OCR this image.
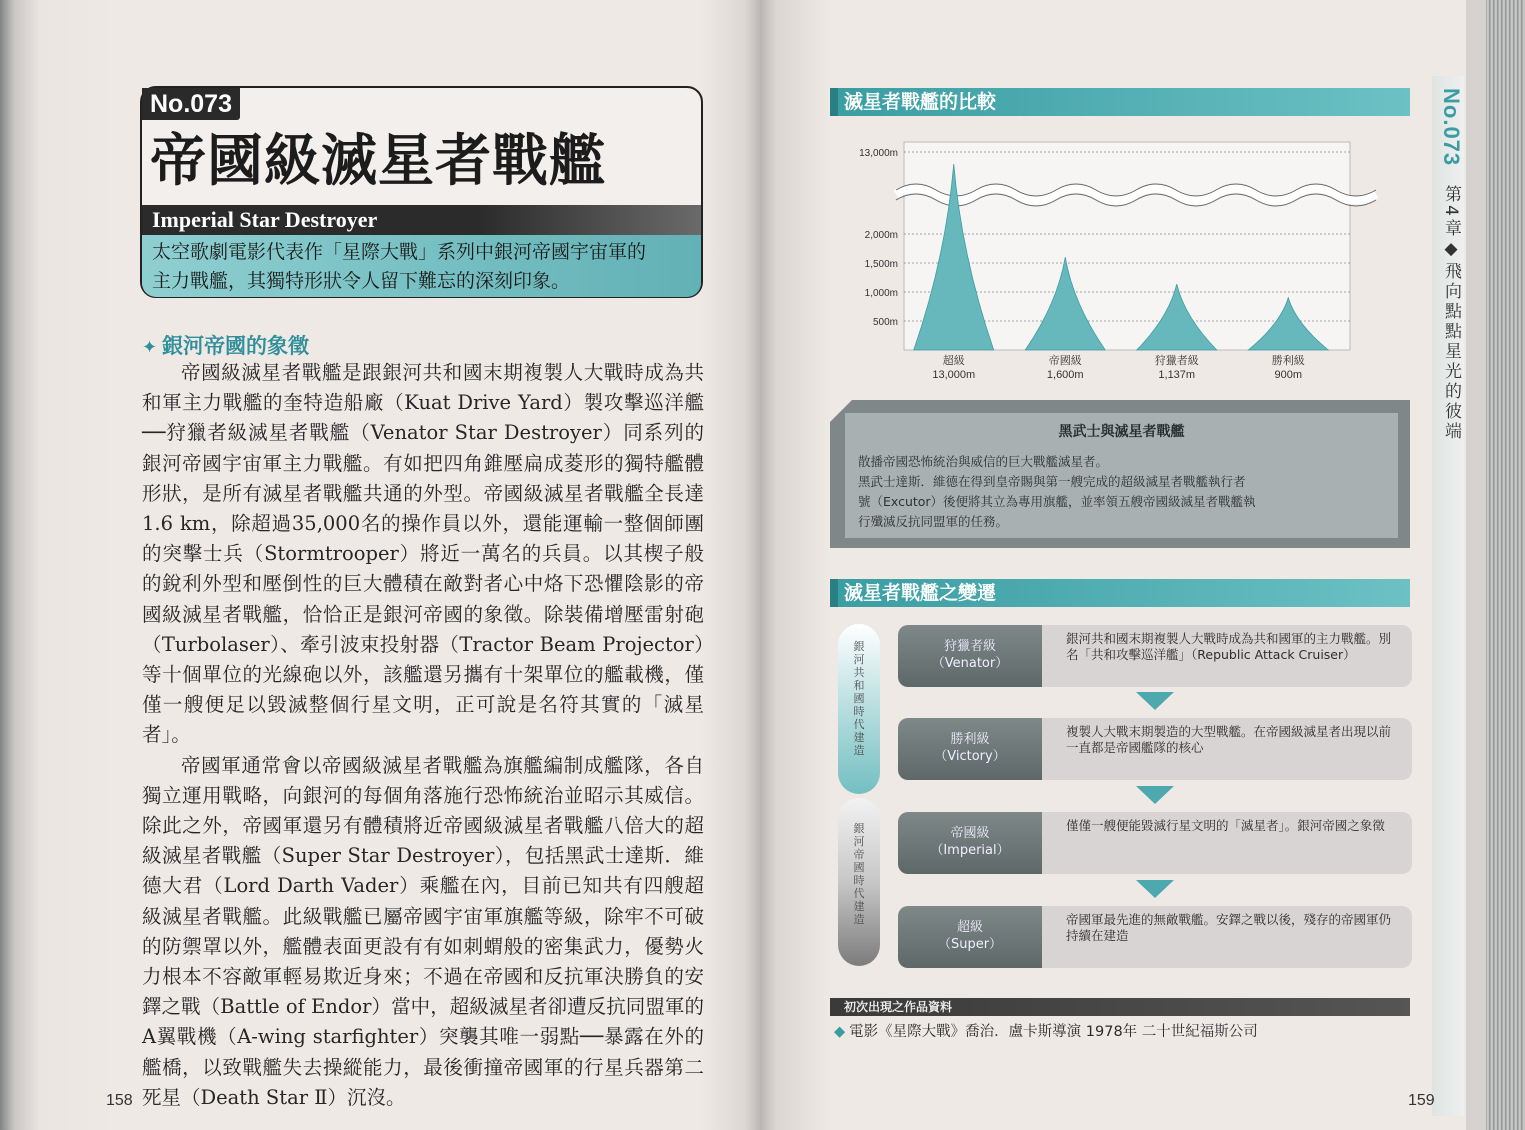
No.073
帝國級滅星者戰艦
Imperial Star Destroyer
太空歌劇電影代表作「星際大戰」系列中銀河帝國宇宙軍的
主力戰艦，其獨特形狀令人留下難忘的深刻印象。
✦ 銀河帝國的象徵

帝國級滅星者戰艦是跟銀河共和國末期複製人大戰時成為共和軍主力戰艦的奎特造船廠（Kuat Drive Yard）製攻擊巡洋艦──狩獵者級滅星者戰艦（Venator Star Destroyer）同系列的銀河帝國宇宙軍主力戰艦。有如把四角錐壓扁成菱形的獨特艦體形狀，是所有滅星者戰艦共通的外型。帝國級滅星者戰艦全長達1.6 km，除超過35,000名的操作員以外，還能運輸一整個師團的突擊士兵（Stormtrooper）將近一萬名的兵員。以其楔子般的銳利外型和壓倒性的巨大體積在敵對者心中烙下恐懼陰影的帝國級滅星者戰艦，恰恰正是銀河帝國的象徵。除裝備增壓雷射砲（Turbolaser）、牽引波束投射器（Tractor Beam Projector）等十個單位的光線砲以外，該艦還另攜有十架單位的艦載機，僅僅一艘便足以毀滅整個行星文明，正可說是名符其實的「滅星者」。

帝國軍通常會以帝國級滅星者戰艦為旗艦編制成艦隊，各自獨立運用戰略，向銀河的每個角落施行恐怖統治並昭示其威信。除此之外，帝國軍還另有體積將近帝國級滅星者戰艦八倍大的超級滅星者戰艦（Super Star Destroyer），包括黑武士達斯．維德大君（Lord Darth Vader）乘艦在內，目前已知共有四艘超級滅星者戰艦。此級戰艦已屬帝國宇宙軍旗艦等級，除牢不可破的防禦罩以外，艦體表面更設有有如刺蝟般的密集武力，優勢火力根本不容敵軍輕易欺近身來；不過在帝國和反抗軍決勝負的安鐸之戰（Battle of Endor）當中，超級滅星者卻遭反抗同盟軍的A翼戰機（A-wing starfighter）突襲其唯一弱點──暴露在外的艦橋，以致戰艦失去操縱能力，最後衝撞帝國軍的行星兵器第二死星（Death Star Ⅱ）沉沒。

158
滅星者戰艦的比較
13,000m
2,000m
1,500m
1,000m
500m
超級
13,000m
帝國級
1,600m
狩獵者級
1,137m
勝利級
900m
黑武士與滅星者戰艦
散播帝國恐怖統治與威信的巨大戰艦滅星者。
黑武士達斯．維德在得到皇帝賜與第一艘完成的超級滅星者戰艦執行者
號（Excutor）後便將其立為專用旗艦，並率領五艘帝國級滅星者戰艦執
行殲滅反抗同盟軍的任務。
滅星者戰艦之變遷
銀河共和國時代建造
銀河帝國時代建造
狩獵者級
（Venator）
銀河共和國末期複製人大戰時成為共和國軍的主力戰艦。別名「共和攻擊巡洋艦」（Republic Attack Cruiser）
勝利級
（Victory）
複製人大戰末期製造的大型戰艦。在帝國級滅星者出現以前一直都是帝國艦隊的核心
帝國級
（Imperial）
僅僅一艘便能毀滅行星文明的「滅星者」。銀河帝國之象徵
超級
（Super）
帝國軍最先進的無敵戰艦。安鐸之戰以後，殘存的帝國軍仍持續在建造
初次出現之作品資料
◆ 電影《星際大戰》喬治．盧卡斯導演 1978年 二十世紀福斯公司
No.073
第4章◆飛向點點星光的彼端
159
